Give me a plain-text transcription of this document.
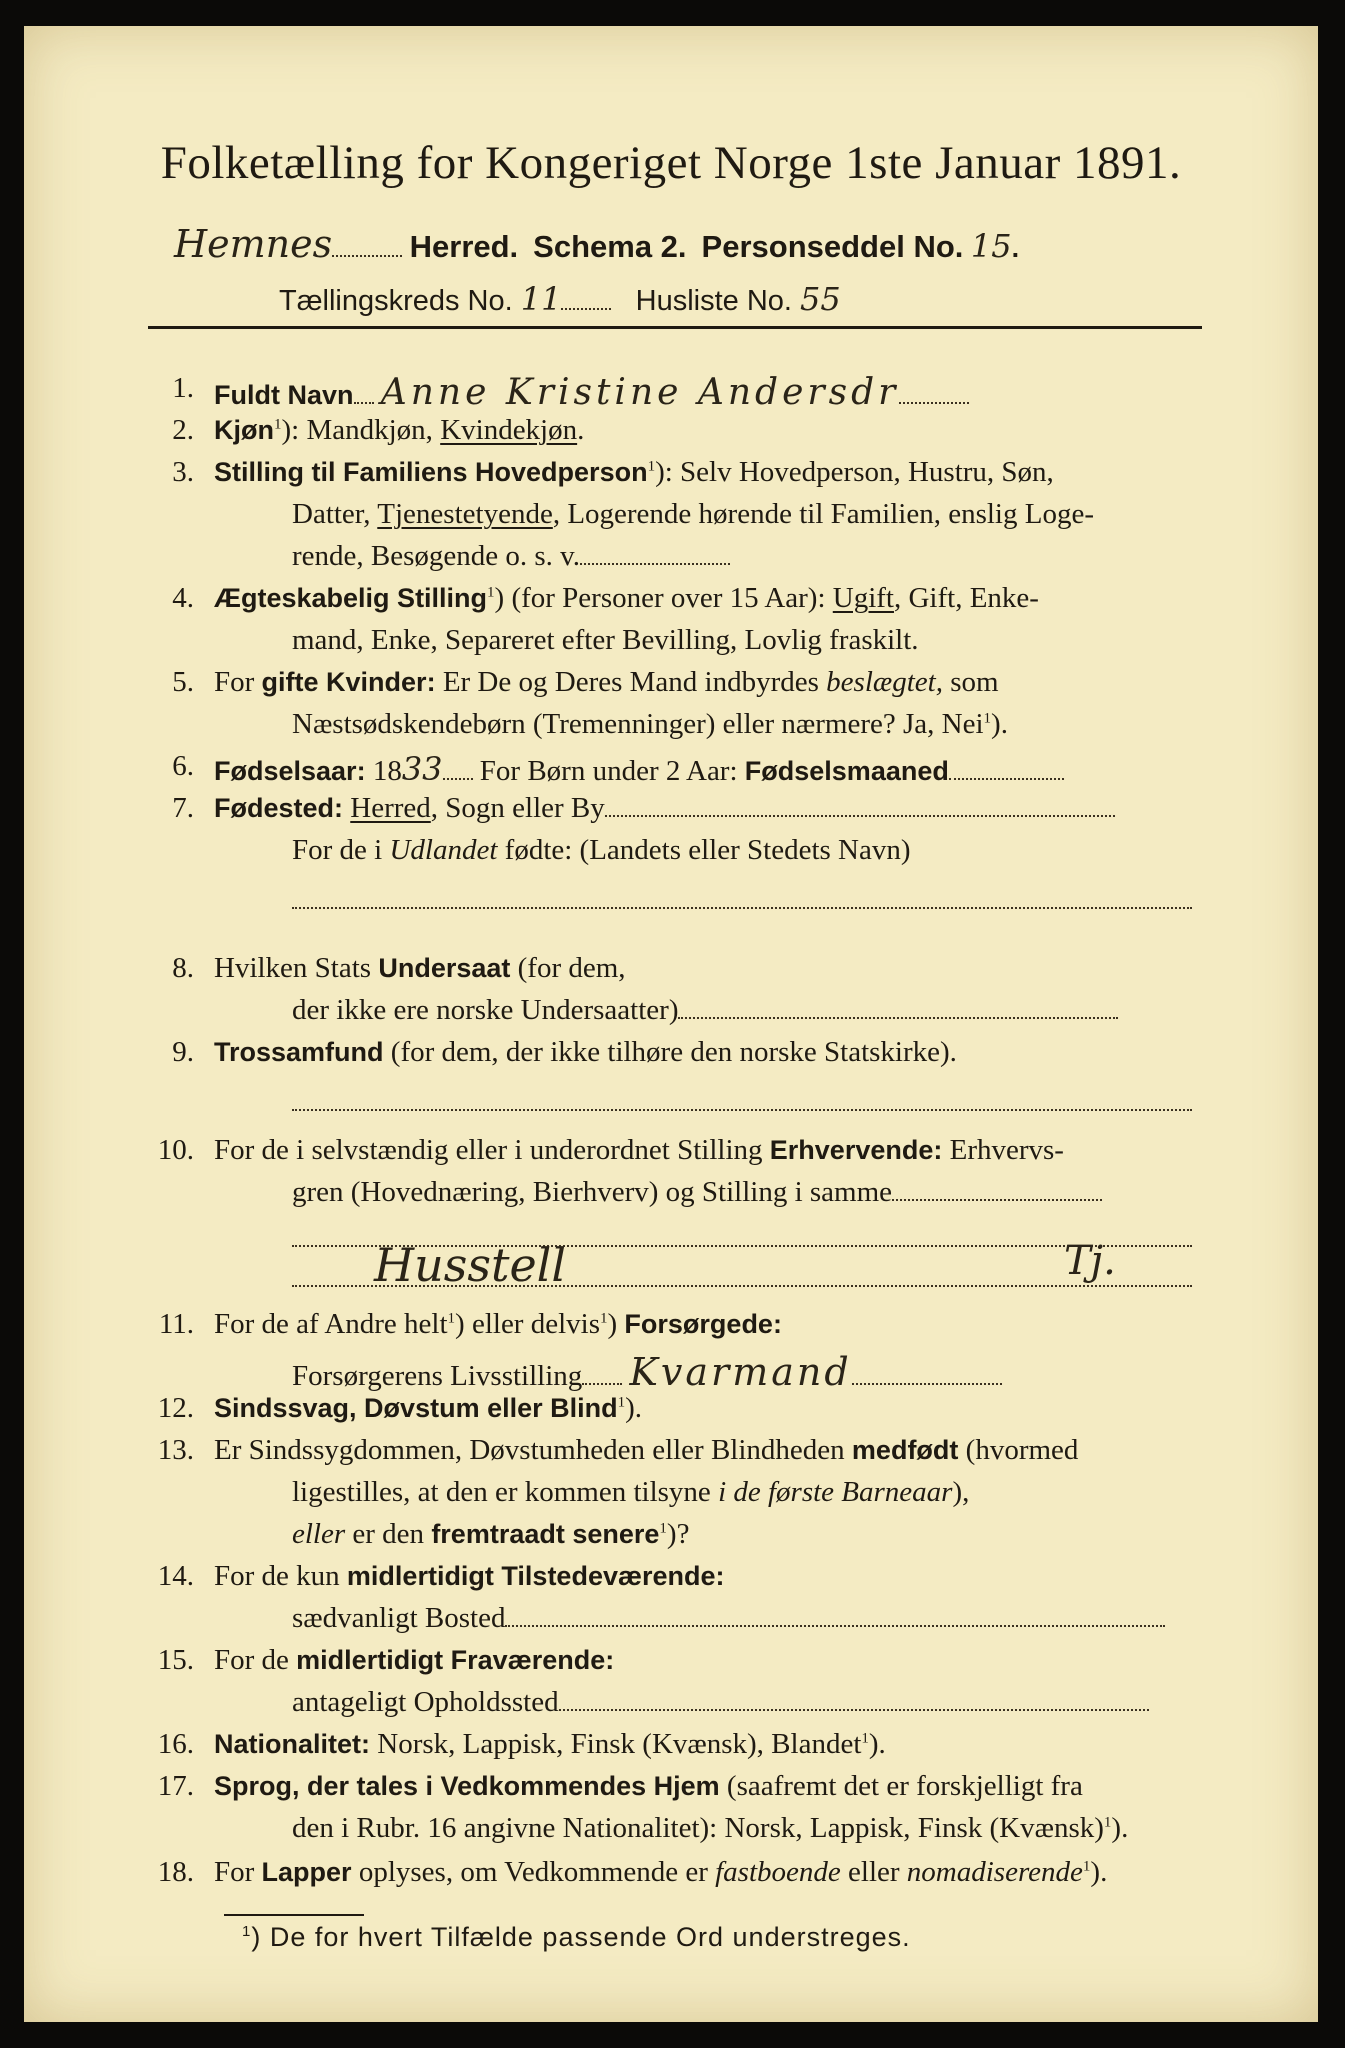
Folketælling for Kongeriget Norge 1ste Januar 1891.
Hemnes	Herred. Schema 2. Personseddel No. 15.
Tællingskreds No. 11	Husliste No. 55
1. Fuldt Navn Anne Kristine Andersdr
2. Kjøn$^1$): Mandkjøn, Kvindekjøn.
3. Stilling til Familiens Hovedperson$^1$): Selv Hovedperson, Hustru, Søn,
Datter, Tjenestetyende, Logerende hørende til Familien, enslig Loge-
rende, Besøgende o. s. v.
4. Ægteskabelig Stilling$^1$) (for Personer over 15 Aar): Ugift, Gift, Enke-
mand, Enke, Separeret efter Bevilling, Lovlig fraskilt.
5. For gifte Kvinder: Er De og Deres Mand indbyrdes beslægtet, som
Næstsødskendebørn (Tremenninger) eller nærmere? Ja, Nei$^1$).
6. Fødselsaar: 1833 For Børn under 2 Aar: Fødselsmaaned
7. Fødested: Herred, Sogn eller By
For de i Udlandet fødte: (Landets eller Stedets Navn)
8. Hvilken Stats Undersaat (for dem,
der ikke ere norske Undersaatter)
9. Trossamfund (for dem, der ikke tilhøre den norske Statskirke).
10. For de i selvstændig eller i underordnet Stilling Erhvervende: Erhvervs-
gren (Hovednæring, Bierhverv) og Stilling i samme
Husstell	Tj.
11. For de af Andre helt$^1$) eller delvis$^1$) Forsørgede:
Forsørgerens Livsstilling Kvarmand
12. Sindssvag, Døvstum eller Blind$^1$).
13. Er Sindssygdommen, Døvstumheden eller Blindheden medfødt (hvormed
ligestilles, at den er kommen tilsyne i de første Barneaar),
eller er den fremtraadt senere$^1$)?
14. For de kun midlertidigt Tilstedeværende:
sædvanligt Bosted
15. For de midlertidigt Fraværende:
antageligt Opholdssted
16. Nationalitet: Norsk, Lappisk, Finsk (Kvænsk), Blandet$^1$).
17. Sprog, der tales i Vedkommendes Hjem (saafremt det er forskjelligt fra
den i Rubr. 16 angivne Nationalitet): Norsk, Lappisk, Finsk (Kvænsk)$^1$).
18. For Lapper oplyses, om Vedkommende er fastboende eller nomadiserende$^1$).
$^1$) De for hvert Tilfælde passende Ord understreges.
